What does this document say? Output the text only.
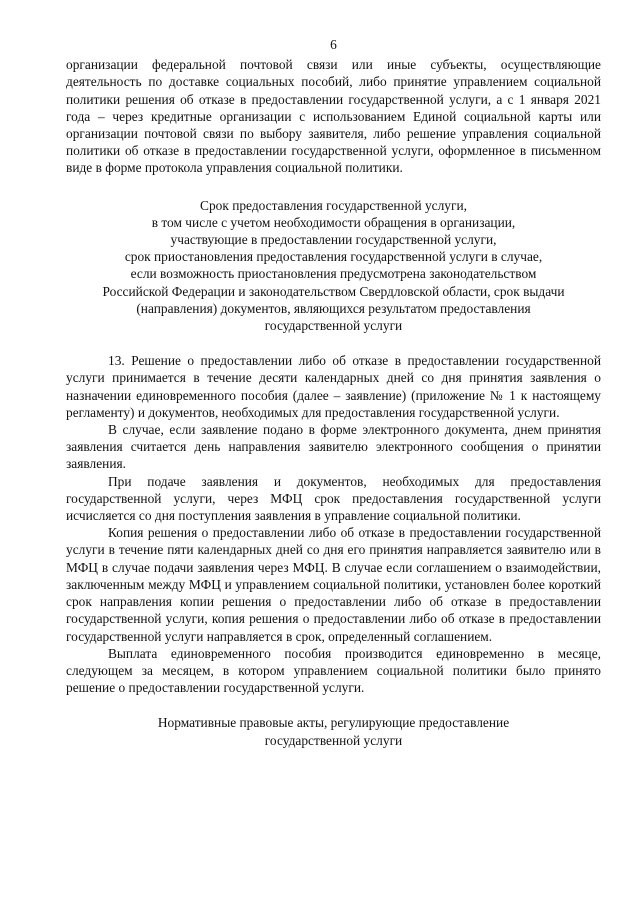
6

организации федеральной почтовой связи или иные субъекты, осуществляющие деятельность по доставке социальных пособий, либо принятие управлением социальной политики решения об отказе в предоставлении государственной услуги, а с 1 января 2021 года – через кредитные организации с использованием Единой социальной карты или организации почтовой связи по выбору заявителя, либо решение управления социальной политики об отказе в предоставлении государственной услуги, оформленное в письменном виде в форме протокола управления социальной политики.

Срок предоставления государственной услуги,

в том числе с учетом необходимости обращения в организации,

участвующие в предоставлении государственной услуги,

срок приостановления предоставления государственной услуги в случае,

если возможность приостановления предусмотрена законодательством

Российской Федерации и законодательством Свердловской области, срок выдачи

(направления) документов, являющихся результатом предоставления

государственной услуги

13. Решение о предоставлении либо об отказе в предоставлении государственной услуги принимается в течение десяти календарных дней со дня принятия заявления о назначении единовременного пособия (далее – заявление) (приложение № 1 к настоящему регламенту) и документов, необходимых для предоставления государственной услуги.

В случае, если заявление подано в форме электронного документа, днем принятия заявления считается день направления заявителю электронного сообщения о принятии заявления.

При подаче заявления и документов, необходимых для предоставления государственной услуги, через МФЦ срок предоставления государственной услуги исчисляется со дня поступления заявления в управление социальной политики.

Копия решения о предоставлении либо об отказе в предоставлении государственной услуги в течение пяти календарных дней со дня его принятия направляется заявителю или в МФЦ в случае подачи заявления через МФЦ. В случае если соглашением о взаимодействии, заключенным между МФЦ и управлением социальной политики, установлен более короткий срок направления копии решения о предоставлении либо об отказе в предоставлении государственной услуги, копия решения о предоставлении либо об отказе в предоставлении государственной услуги направляется в срок, определенный соглашением.

Выплата единовременного пособия производится единовременно в месяце, следующем за месяцем, в котором управлением социальной политики было принято решение о предоставлении государственной услуги.

Нормативные правовые акты, регулирующие предоставление

государственной услуги
